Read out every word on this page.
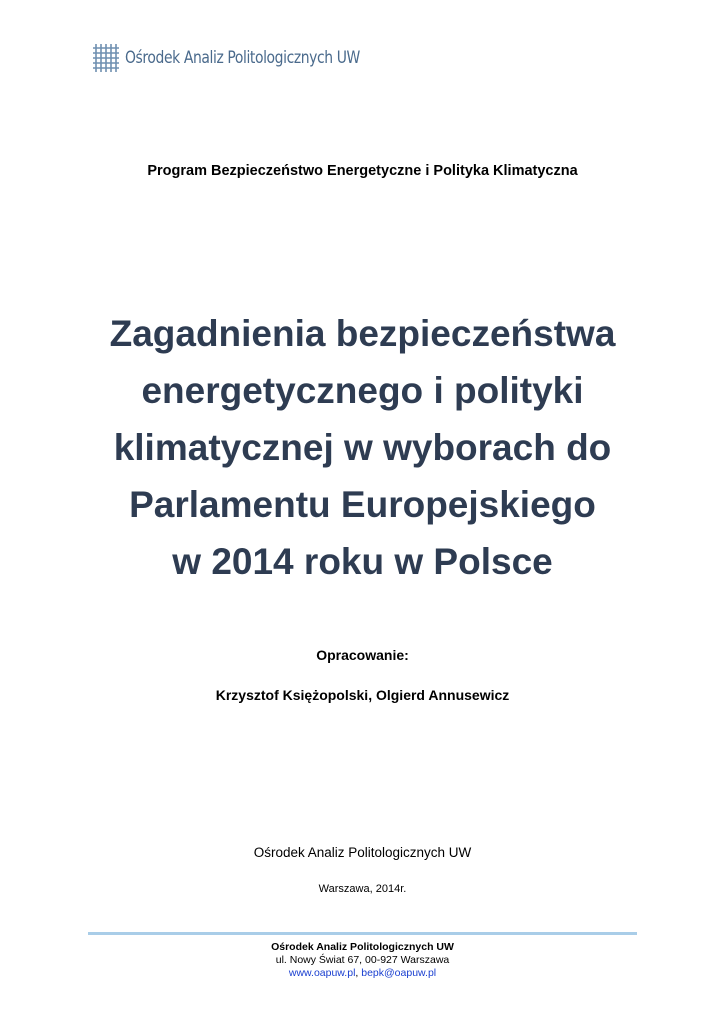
Ośrodek Analiz Politologicznych UW
Program Bezpieczeństwo Energetyczne i Polityka Klimatyczna
Zagadnienia bezpieczeństwa
energetycznego i polityki
klimatycznej w wyborach do
Parlamentu Europejskiego
w 2014 roku w Polsce
Opracowanie:
Krzysztof Księżopolski, Olgierd Annusewicz
Ośrodek Analiz Politologicznych UW
Warszawa, 2014r.
Ośrodek Analiz Politologicznych UW
ul. Nowy Świat 67, 00-927 Warszawa
www.oapuw.pl, bepk@oapuw.pl
